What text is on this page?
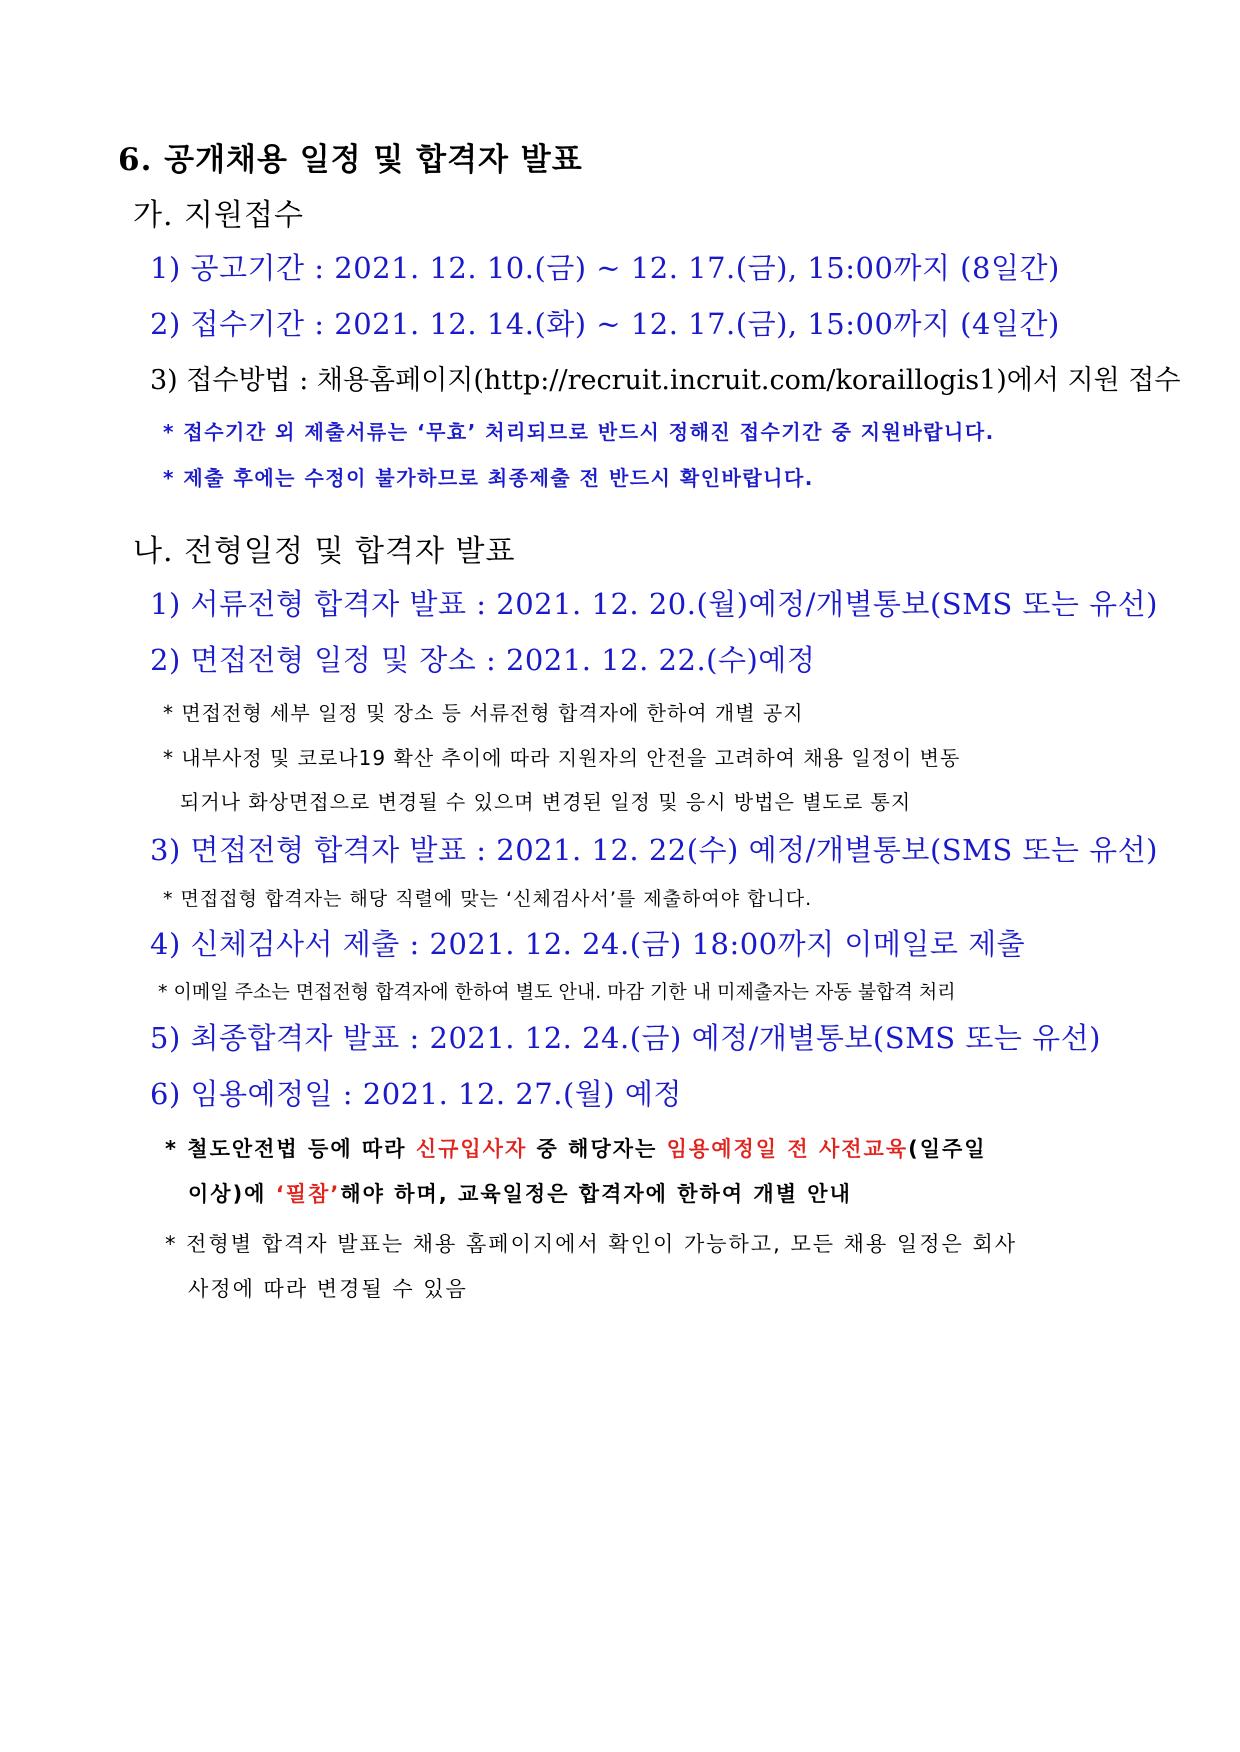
6. 공개채용 일정 및 합격자 발표
가. 지원접수
1) 공고기간 : 2021. 12. 10.(금) ~ 12. 17.(금), 15:00까지 (8일간)
2) 접수기간 : 2021. 12. 14.(화) ~ 12. 17.(금), 15:00까지 (4일간)
3) 접수방법 : 채용홈페이지(http://recruit.incruit.com/koraillogis1)에서 지원 접수
* 접수기간 외 제출서류는 ‘무효’ 처리되므로 반드시 정해진 접수기간 중 지원바랍니다.
* 제출 후에는 수정이 불가하므로 최종제출 전 반드시 확인바랍니다.
나. 전형일정 및 합격자 발표
1) 서류전형 합격자 발표 : 2021. 12. 20.(월)예정/개별통보(SMS 또는 유선)
2) 면접전형 일정 및 장소 : 2021. 12. 22.(수)예정
* 면접전형 세부 일정 및 장소 등 서류전형 합격자에 한하여 개별 공지
* 내부사정 및 코로나19 확산 추이에 따라 지원자의 안전을 고려하여 채용 일정이 변동
되거나 화상면접으로 변경될 수 있으며 변경된 일정 및 응시 방법은 별도로 통지
3) 면접전형 합격자 발표 : 2021. 12. 22(수) 예정/개별통보(SMS 또는 유선)
* 면접접형 합격자는 해당 직렬에 맞는 ‘신체검사서’를 제출하여야 합니다.
4) 신체검사서 제출 : 2021. 12. 24.(금) 18:00까지 이메일로 제출
* 이메일 주소는 면접전형 합격자에 한하여 별도 안내. 마감 기한 내 미제출자는 자동 불합격 처리
5) 최종합격자 발표 : 2021. 12. 24.(금) 예정/개별통보(SMS 또는 유선)
6) 임용예정일 : 2021. 12. 27.(월) 예정
* 철도안전법 등에 따라 신규입사자 중 해당자는 임용예정일 전 사전교육(일주일
이상)에 ‘필참’해야 하며, 교육일정은 합격자에 한하여 개별 안내
* 전형별 합격자 발표는 채용 홈페이지에서 확인이 가능하고, 모든 채용 일정은 회사
사정에 따라 변경될 수 있음
